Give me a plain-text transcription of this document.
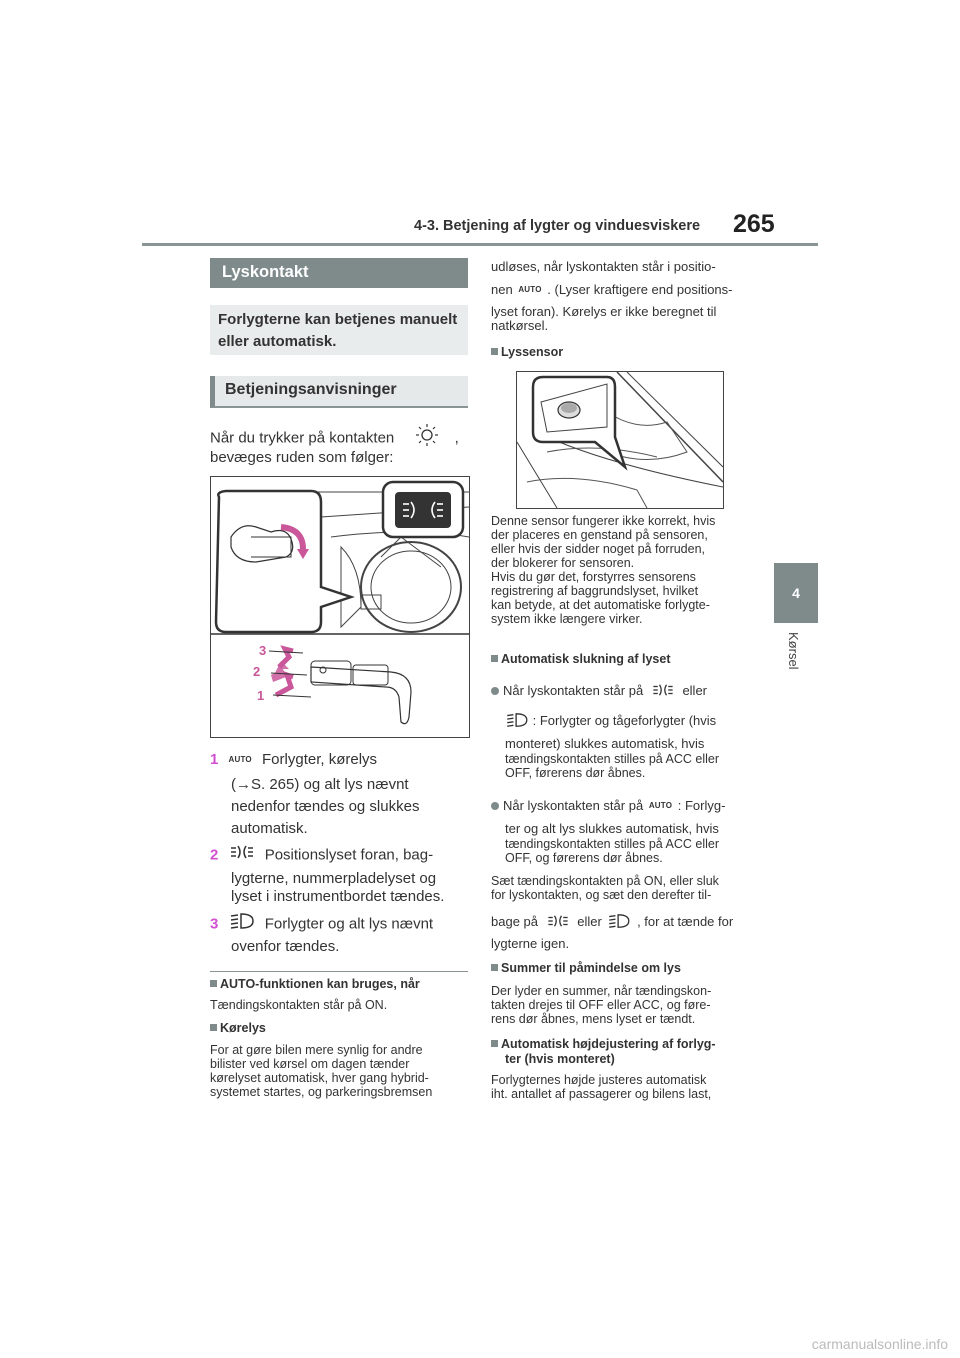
4-3. Betjening af lygter og vinduesviskere 265
4
Kørsel
Lyskontakt
Forlygterne kan betjenes manuelt eller automatisk.
Betjeningsanvisninger
Når du trykker på kontakten	,
bevæges ruden som følger:
3
2
1
1 AUTO Forlygter, kørelys
(→S. 265) og alt lys nævnt
nedenfor tændes og slukkes
automatisk.
2	Positionslyset foran, bag-
lygterne, nummerpladelyset og
lyset i instrumentbordet tændes.
3	Forlygter og alt lys nævnt
ovenfor tændes.
AUTO-funktionen kan bruges, når
Tændingskontakten står på ON.
Kørelys
For at gøre bilen mere synlig for andre
bilister ved kørsel om dagen tænder
kørelyset automatisk, hver gang hybrid-
systemet startes, og parkeringsbremsen
udløses, når lyskontakten står i positio-
nen AUTO . (Lyser kraftigere end positions-
lyset foran). Kørelys er ikke beregnet til
natkørsel.
Lyssensor
Denne sensor fungerer ikke korrekt, hvis
der placeres en genstand på sensoren,
eller hvis der sidder noget på forruden,
der blokerer for sensoren.
Hvis du gør det, forstyrres sensorens
registrering af baggrundslyset, hvilket
kan betyde, at det automatiske forlygte-
system ikke længere virker.
Automatisk slukning af lyset
Når lyskontakten står på	eller
: Forlygter og tågeforlygter (hvis
monteret) slukkes automatisk, hvis
tændingskontakten stilles på ACC eller
OFF, førerens dør åbnes.
Når lyskontakten står på AUTO : Forlyg-
ter og alt lys slukkes automatisk, hvis
tændingskontakten stilles på ACC eller
OFF, og førerens dør åbnes.
Sæt tændingskontakten på ON, eller sluk
for lyskontakten, og sæt den derefter til-
bage på	eller	, for at tænde for
lygterne igen.
Summer til påmindelse om lys
Der lyder en summer, når tændingskon-
takten drejes til OFF eller ACC, og føre-
rens dør åbnes, mens lyset er tændt.
Automatisk højdejustering af forlyg-
ter (hvis monteret)
Forlygternes højde justeres automatisk
iht. antallet af passagerer og bilens last,
carmanualsonline.info
